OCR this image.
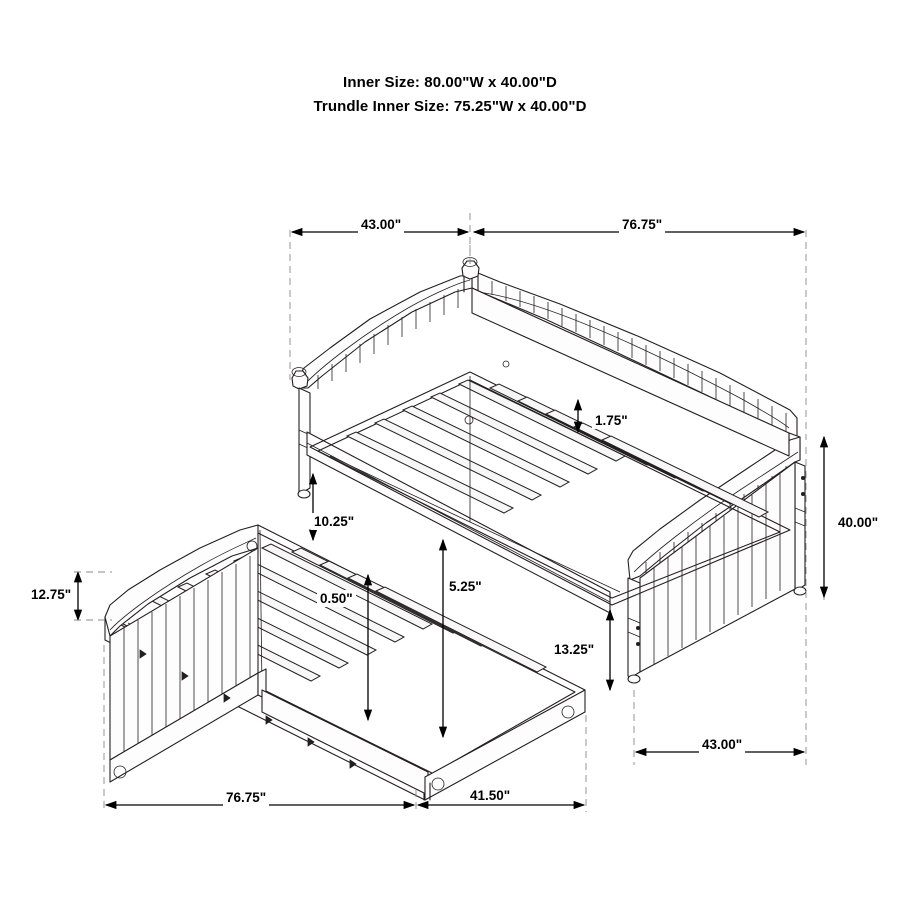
Inner Size: 80.00"W x 40.00"D
Trundle Inner Size: 75.25"W x 40.00"D
43.00"	76.75"
1.75"
10.25"
0.50"
12.75"
5.25"
13.25"
40.00"
43.00"
76.75"	41.50"
